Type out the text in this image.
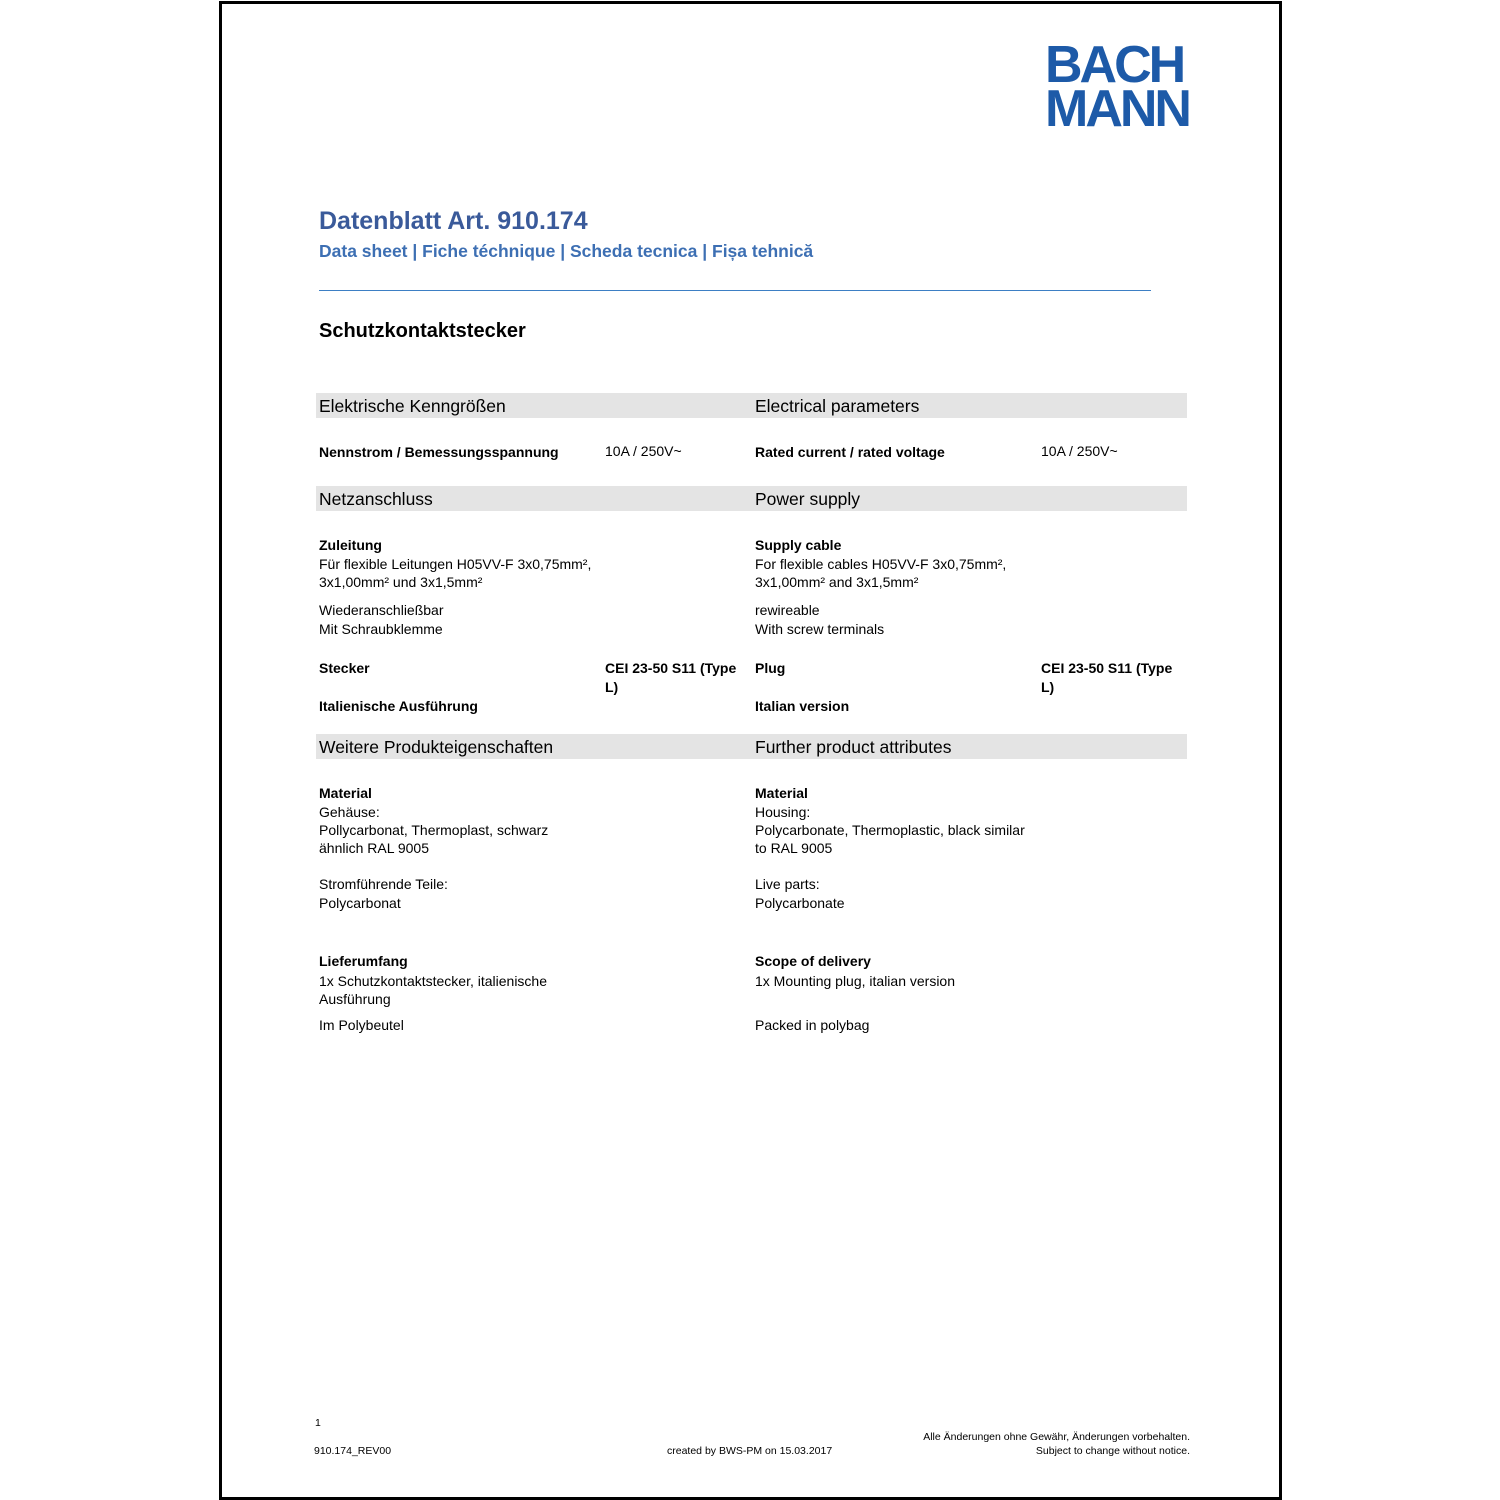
BACH
MANN
Datenblatt Art. 910.174
Data sheet | Fiche téchnique | Scheda tecnica | Fișa tehnică
Schutzkontaktstecker
Elektrische Kenngrößen	Electrical parameters
Nennstrom / Bemessungsspannung	10A / 250V~	Rated current / rated voltage	10A / 250V~
Netzanschluss	Power supply
Zuleitung
Für flexible Leitungen H05VV-F 3x0,75mm²,
3x1,00mm² und 3x1,5mm²
Wiederanschließbar
Mit Schraubklemme
Supply cable
For flexible cables H05VV-F 3x0,75mm²,
3x1,00mm² and 3x1,5mm²
rewireable
With screw terminals
Stecker	CEI 23-50 S11 (Type
L)
Italienische Ausführung
Plug	CEI 23-50 S11 (Type
L)
Italian version
Weitere Produkteigenschaften	Further product attributes
Material
Gehäuse:
Pollycarbonat, Thermoplast, schwarz
ähnlich RAL 9005
Stromführende Teile:
Polycarbonat
Material
Housing:
Polycarbonate, Thermoplastic, black similar
to RAL 9005
Live parts:
Polycarbonate
Lieferumfang
1x Schutzkontaktstecker, italienische
Ausführung
Im Polybeutel
Scope of delivery
1x Mounting plug, italian version
Packed in polybag
1
910.174_REV00	created by BWS-PM on 15.03.2017
Alle Änderungen ohne Gewähr, Änderungen vorbehalten.
Subject to change without notice.
